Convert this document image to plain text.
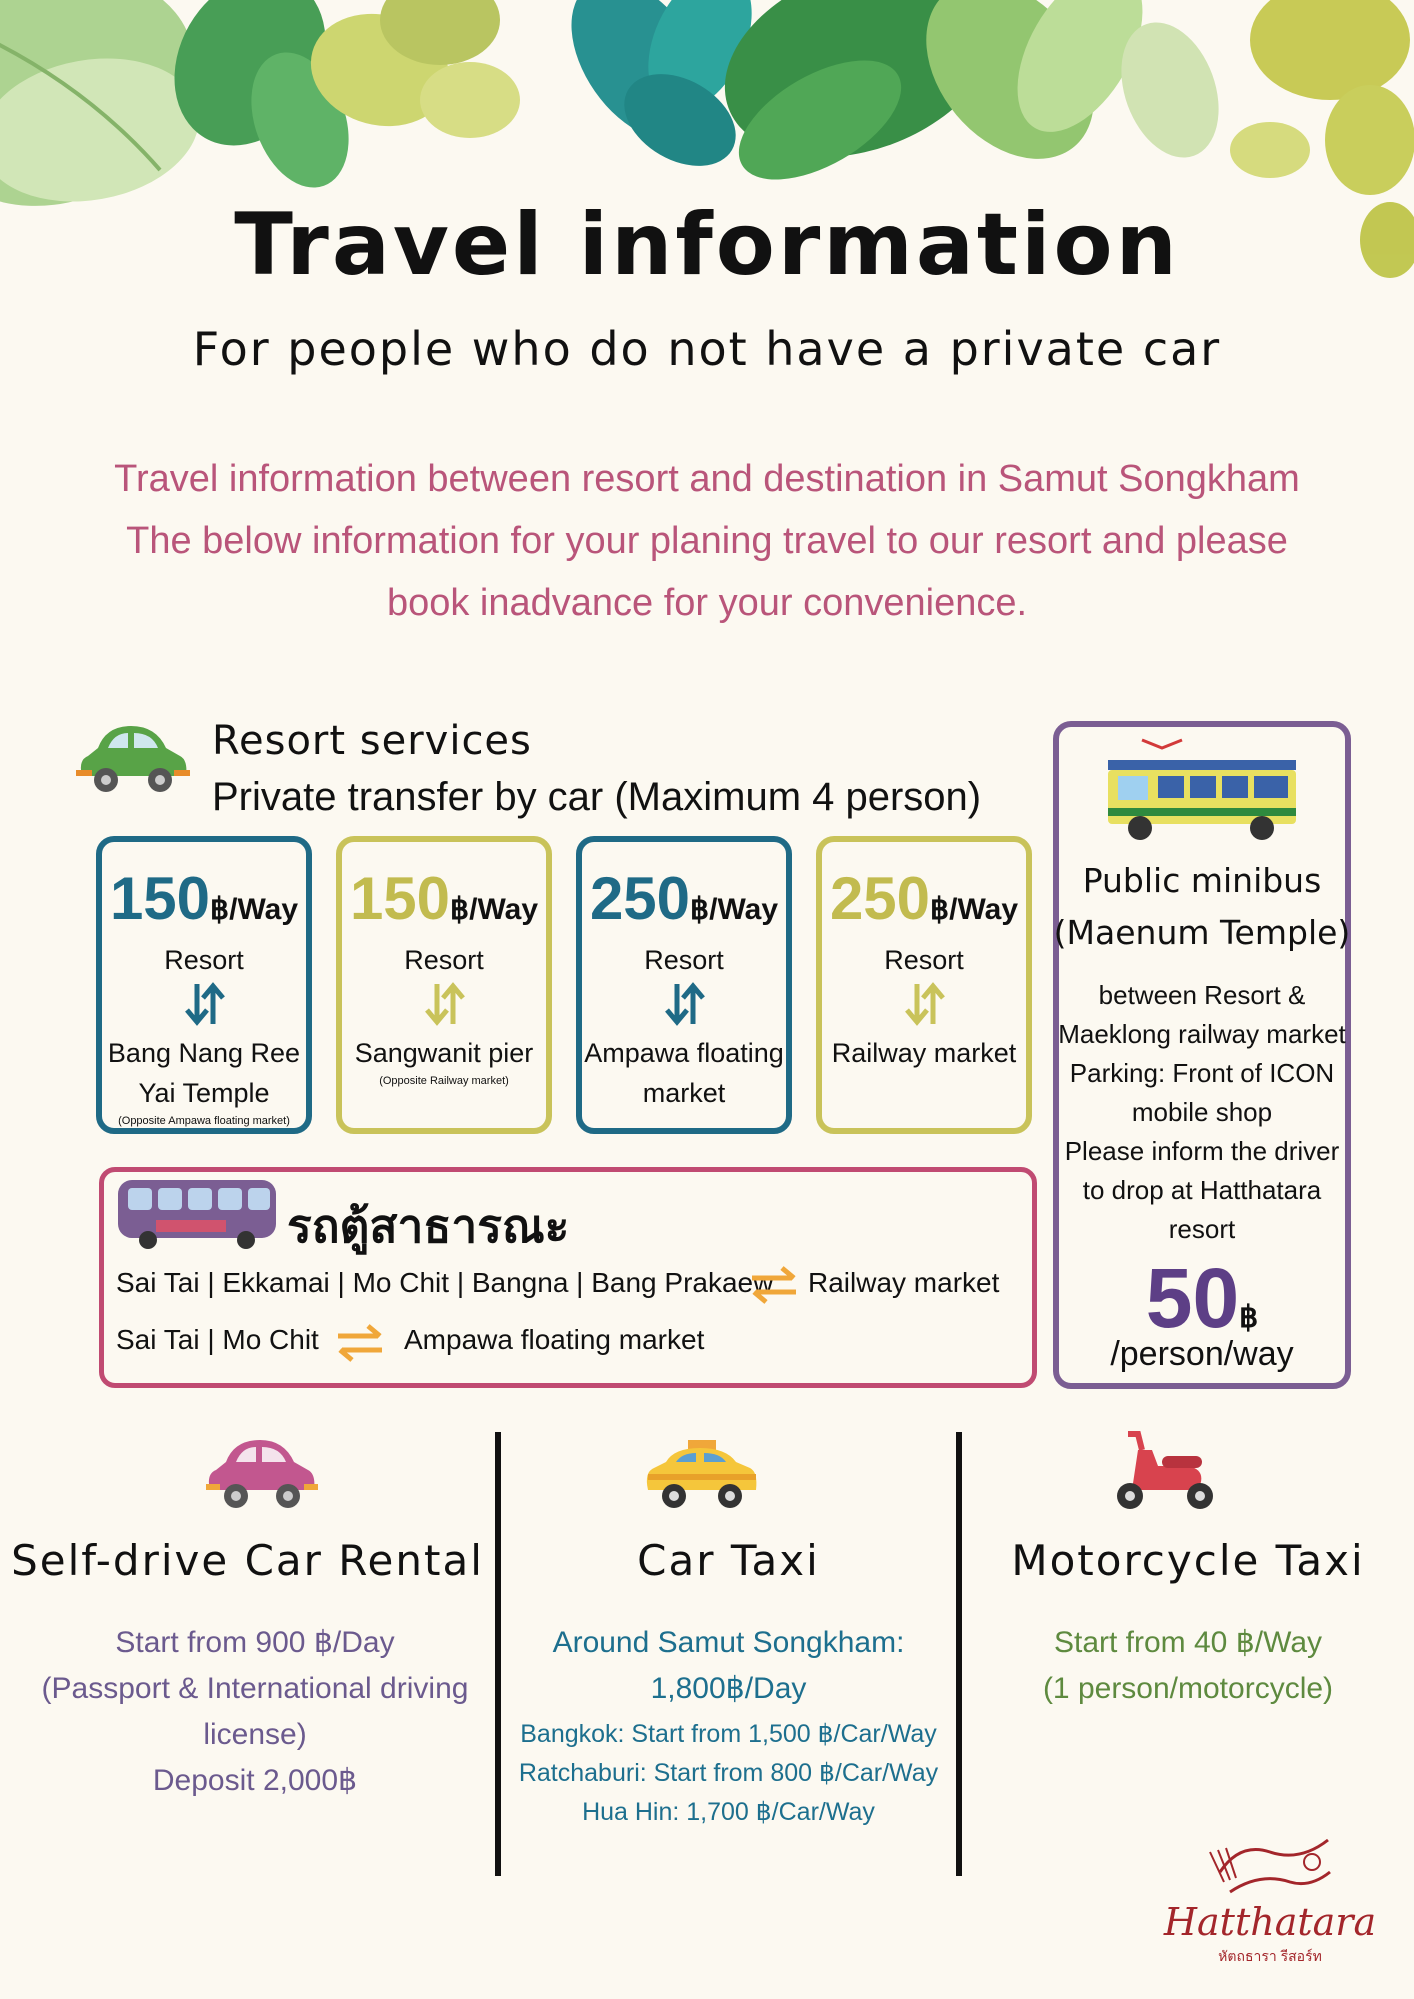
Travel information
For people who do not have a private car
Travel information between resort and destination in Samut Songkham
The below information for your planing travel to our resort and please
book inadvance for your convenience.
Resort services
Private transfer by car (Maximum 4 person)
150฿/Way
Resort
Bang Nang Ree
Yai Temple
(Opposite Ampawa floating market)
150฿/Way
Resort
Sangwanit pier
(Opposite Railway market)
250฿/Way
Resort
Ampawa floating
market
250฿/Way
Resort
Railway market
รถตู้สาธารณะ
Sai Tai | Ekkamai | Mo Chit | Bangna | Bang Prakaew Railway market
Sai Tai | Mo Chit	Ampawa floating market
Public minibus
(Maenum Temple)
between Resort &
Maeklong railway market
Parking: Front of ICON
mobile shop
Please inform the driver
to drop at Hatthatara
resort
50฿
/person/way
Self-drive Car Rental
Start from 900 ฿/Day
(Passport & International driving
license)
Deposit 2,000฿
Car Taxi
Around Samut Songkham:
1,800฿/Day
Bangkok: Start from 1,500 ฿/Car/Way
Ratchaburi: Start from 800 ฿/Car/Way
Hua Hin: 1,700 ฿/Car/Way
Motorcycle Taxi
Start from 40 ฿/Way
(1 person/motorcycle)
Hatthatara
หัตถธารา รีสอร์ท
